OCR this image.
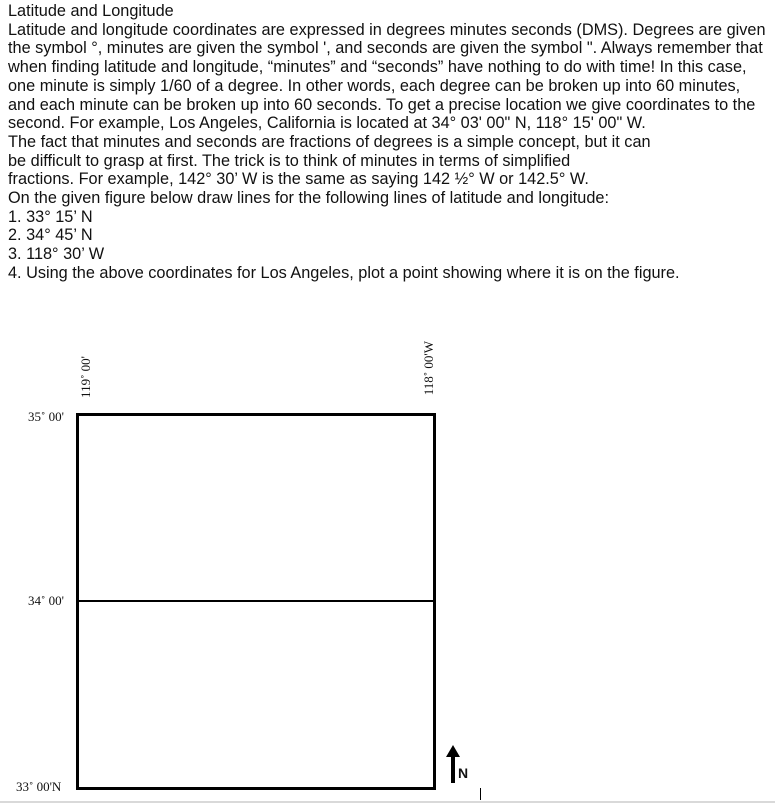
Latitude and Longitude

Latitude and longitude coordinates are expressed in degrees minutes seconds (DMS). Degrees are given the symbol °, minutes are given the symbol ', and seconds are given the symbol ". Always remember that when finding latitude and longitude, “minutes” and “seconds” have nothing to do with time! In this case, one minute is simply 1/60 of a degree. In other words, each degree can be broken up into 60 minutes, and each minute can be broken up into 60 seconds. To get a precise location we give coordinates to the second. For example, Los Angeles, California is located at 34° 03' 00" N, 118° 15' 00" W.

The fact that minutes and seconds are fractions of degrees is a simple concept, but it can

be difficult to grasp at first. The trick is to think of minutes in terms of simplified

fractions. For example, 142° 30’ W is the same as saying 142 ½° W or 142.5° W.

On the given figure below draw lines for the following lines of latitude and longitude:

1. 33° 15’ N

2. 34° 45’ N

3. 118° 30’ W

4. Using the above coordinates for Los Angeles, plot a point showing where it is on the figure.

119˚ 00'	118˚ 00'W
35˚ 00'
34˚ 00'
33˚ 00'N
N
